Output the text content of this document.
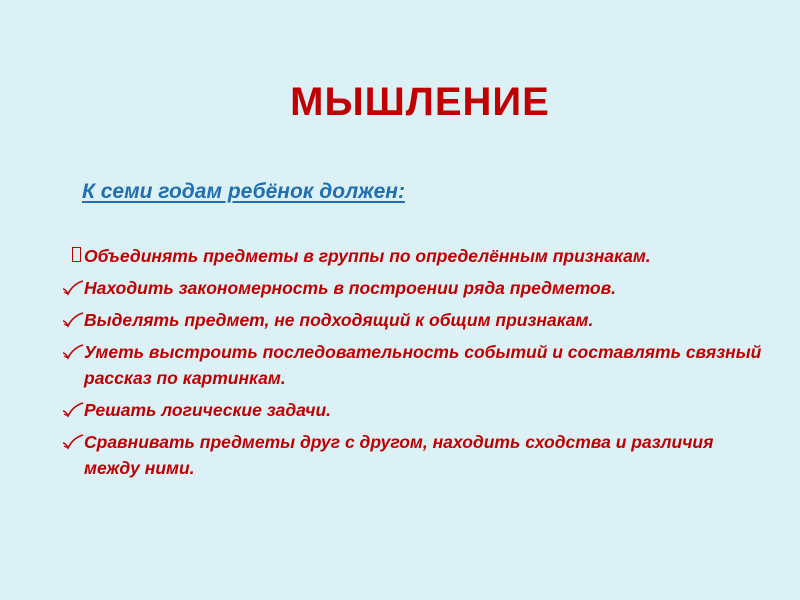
МЫШЛЕНИЕ
К семи годам ребёнок должен:
Объединять предметы в группы по определённым признакам.
Находить закономерность в построении ряда предметов.
Выделять предмет, не подходящий к общим признакам.
Уметь выстроить последовательность событий и составлять связный рассказ по картинкам.
Решать логические задачи.
Сравнивать предметы друг с другом, находить сходства и различия между ними.
